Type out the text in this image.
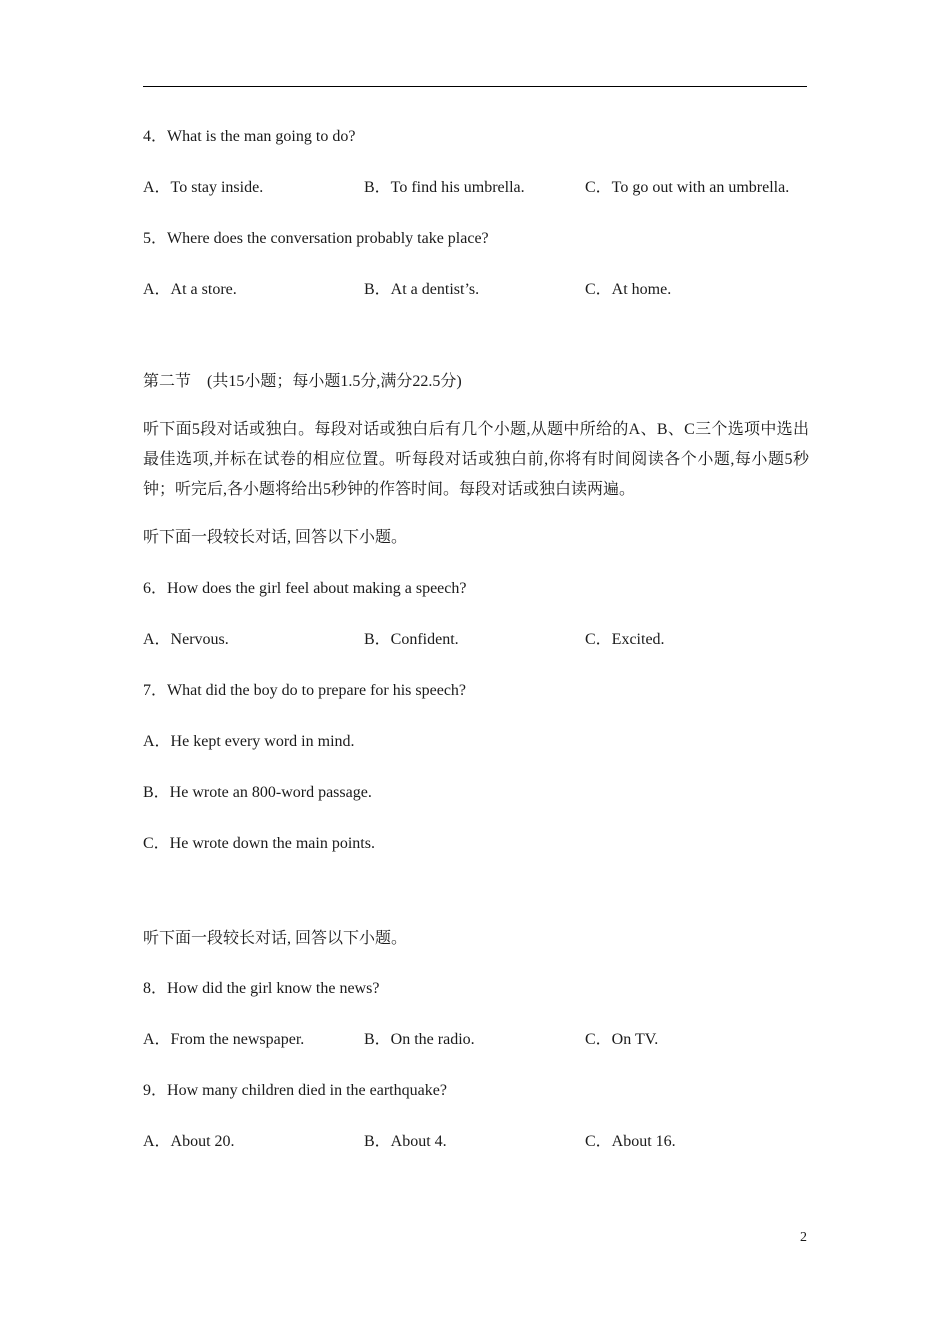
4．What is the man going to do?
A．To stay inside.	B．To find his umbrella.	C．To go out with an umbrella.
5．Where does the conversation probably take place?
A．At a store.	B．At a dentist’s.	C．At home.
第二节　(共15小题；每小题1.5分,满分22.5分)
听下面5段对话或独白。每段对话或独白后有几个小题,从题中所给的A、B、C三个选项中选出最佳选项,并标在试卷的相应位置。听每段对话或独白前,你将有时间阅读各个小题,每小题5秒钟；听完后,各小题将给出5秒钟的作答时间。每段对话或独白读两遍。
听下面一段较长对话, 回答以下小题。
6．How does the girl feel about making a speech?
A．Nervous.	B．Confident.	C．Excited.
7．What did the boy do to prepare for his speech?
A．He kept every word in mind.
B．He wrote an 800-word passage.
C．He wrote down the main points.
听下面一段较长对话, 回答以下小题。
8．How did the girl know the news?
A．From the newspaper.	B．On the radio.	C．On TV.
9．How many children died in the earthquake?
A．About 20.	B．About 4.	C．About 16.
2
